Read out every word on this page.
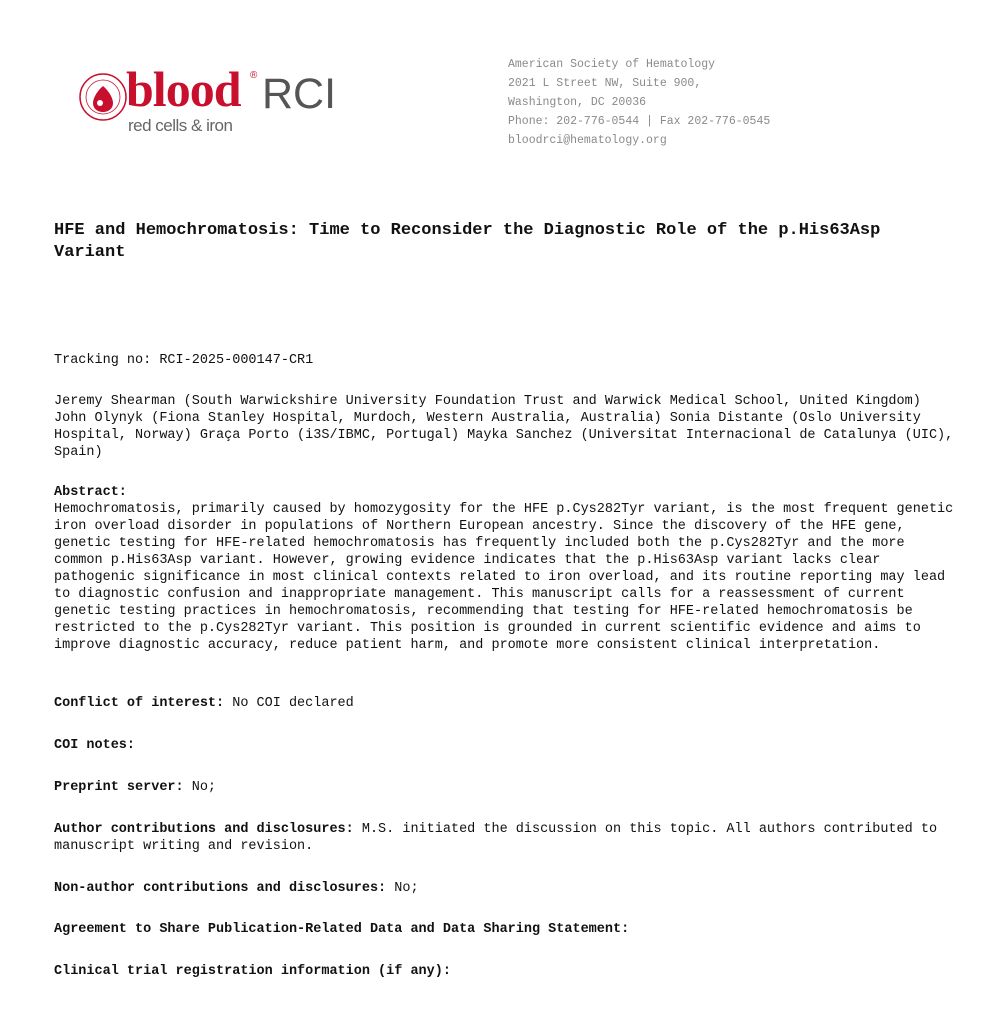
blood ® RCI
red cells & iron
American Society of Hematology
2021 L Street NW, Suite 900,
Washington, DC 20036
Phone: 202-776-0544 | Fax 202-776-0545
bloodrci@hematology.org
HFE and Hemochromatosis: Time to Reconsider the Diagnostic Role of the p.His63Asp Variant

Tracking no: RCI-2025-000147-CR1

Jeremy Shearman (South Warwickshire University Foundation Trust and Warwick Medical School, United Kingdom) John Olynyk (Fiona Stanley Hospital, Murdoch, Western Australia, Australia) Sonia Distante (Oslo University Hospital, Norway) Graça Porto (i3S/IBMC, Portugal) Mayka Sanchez (Universitat Internacional de Catalunya (UIC), Spain)

Abstract:

Hemochromatosis, primarily caused by homozygosity for the HFE p.Cys282Tyr variant, is the most frequent genetic iron overload disorder in populations of Northern European ancestry. Since the discovery of the HFE gene, genetic testing for HFE-related hemochromatosis has frequently included both the p.Cys282Tyr and the more common p.His63Asp variant. However, growing evidence indicates that the p.His63Asp variant lacks clear pathogenic significance in most clinical contexts related to iron overload, and its routine reporting may lead to diagnostic confusion and inappropriate management. This manuscript calls for a reassessment of current genetic testing practices in hemochromatosis, recommending that testing for HFE-related hemochromatosis be restricted to the p.Cys282Tyr variant. This position is grounded in current scientific evidence and aims to improve diagnostic accuracy, reduce patient harm, and promote more consistent clinical interpretation.

Conflict of interest: No COI declared

COI notes:

Preprint server: No;

Author contributions and disclosures: M.S. initiated the discussion on this topic. All authors contributed to manuscript writing and revision.

Non-author contributions and disclosures: No;

Agreement to Share Publication-Related Data and Data Sharing Statement:

Clinical trial registration information (if any):
